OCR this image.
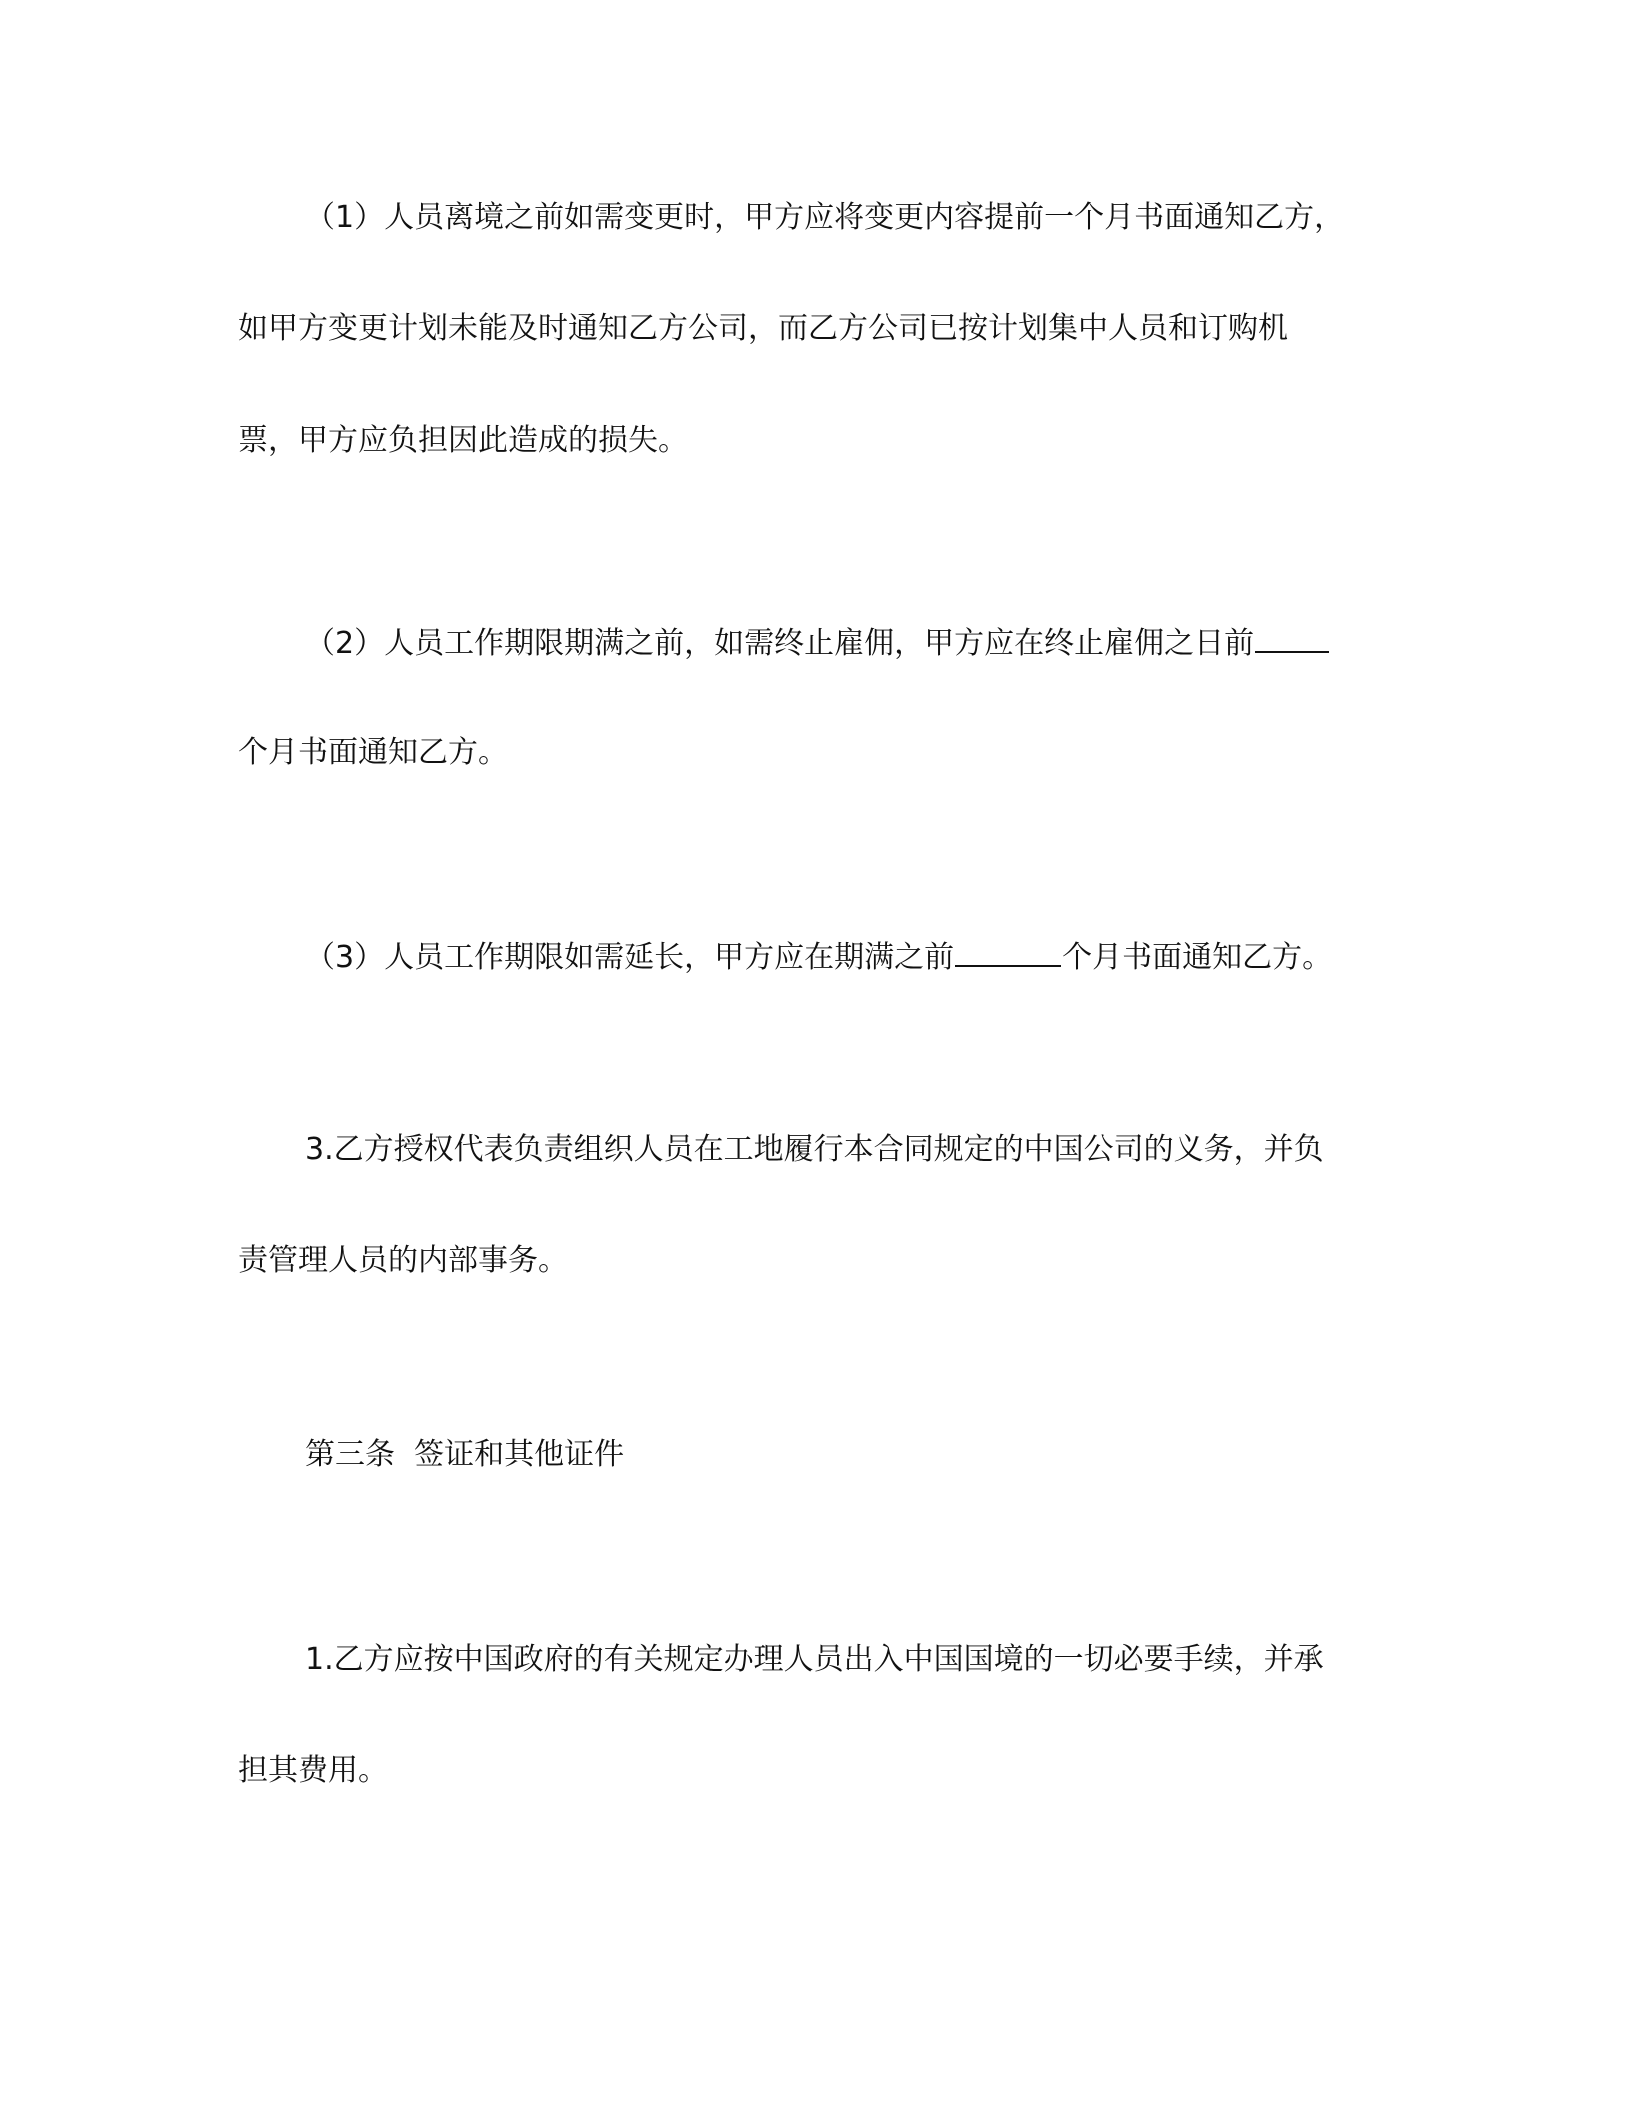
（1）人员离境之前如需变更时，甲方应将变更内容提前一个月书面通知乙方，
如甲方变更计划未能及时通知乙方公司，而乙方公司已按计划集中人员和订购机
票，甲方应负担因此造成的损失。
（2）人员工作期限期满之前，如需终止雇佣，甲方应在终止雇佣之日前
个月书面通知乙方。
（3）人员工作期限如需延长，甲方应在期满之前	个月书面通知乙方。
3.乙方授权代表负责组织人员在工地履行本合同规定的中国公司的义务，并负
责管理人员的内部事务。
第三条  签证和其他证件
1.乙方应按中国政府的有关规定办理人员出入中国国境的一切必要手续，并承
担其费用。
